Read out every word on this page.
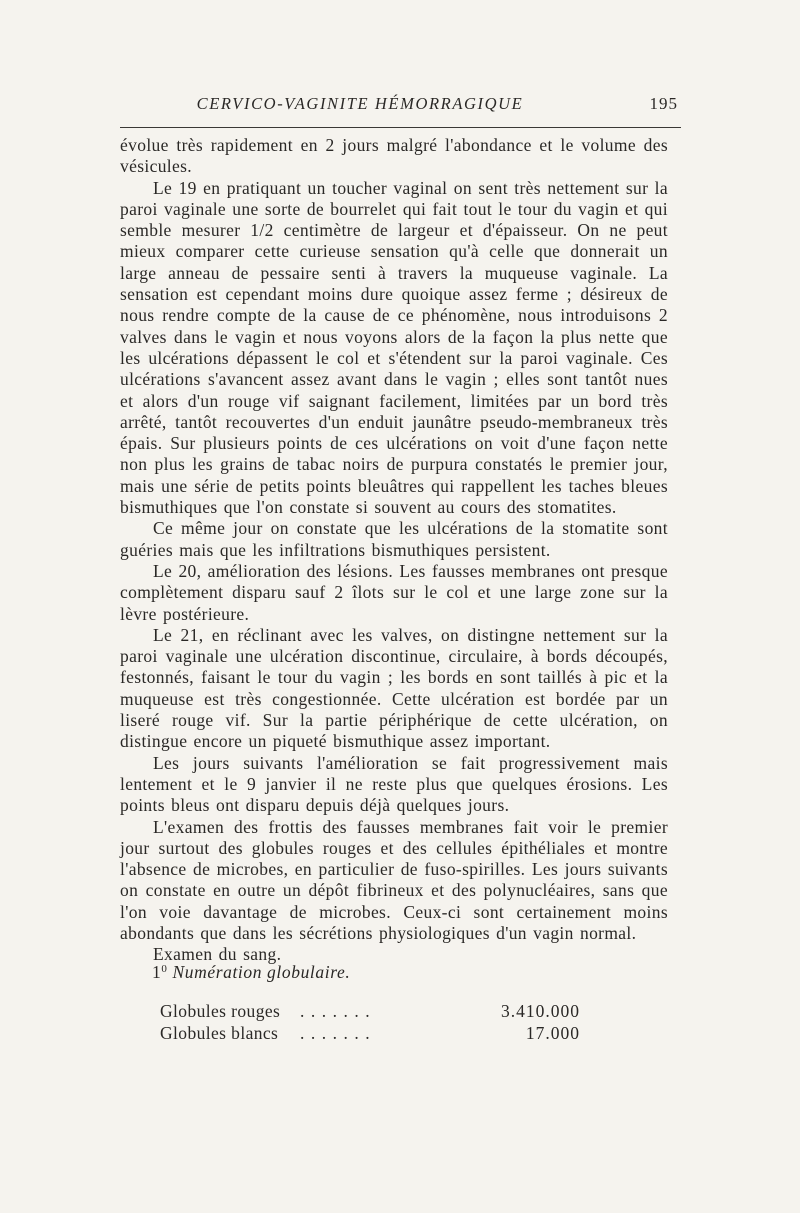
CERVICO-VAGINITE HÉMORRAGIQUE	195

évolue très rapidement en 2 jours malgré l'abondance et le volume des vésicules.

Le 19 en pratiquant un toucher vaginal on sent très nettement sur la paroi vaginale une sorte de bourrelet qui fait tout le tour du vagin et qui semble mesurer 1/2 centimètre de largeur et d'épaisseur. On ne peut mieux comparer cette curieuse sensation qu'à celle que donnerait un large anneau de pessaire senti à travers la muqueuse vaginale. La sensation est cependant moins dure quoique assez ferme ; désireux de nous rendre compte de la cause de ce phénomène, nous introduisons 2 valves dans le vagin et nous voyons alors de la façon la plus nette que les ulcérations dépassent le col et s'étendent sur la paroi vaginale. Ces ulcérations s'avancent assez avant dans le vagin ; elles sont tantôt nues et alors d'un rouge vif saignant facilement, limitées par un bord très arrêté, tantôt recouvertes d'un enduit jaunâtre pseudo-membraneux très épais. Sur plusieurs points de ces ulcérations on voit d'une façon nette non plus les grains de tabac noirs de purpura constatés le premier jour, mais une série de petits points bleuâtres qui rappellent les taches bleues bismuthiques que l'on constate si souvent au cours des stomatites.

Ce même jour on constate que les ulcérations de la stomatite sont guéries mais que les infiltrations bismuthiques persistent.

Le 20, amélioration des lésions. Les fausses membranes ont presque complètement disparu sauf 2 îlots sur le col et une large zone sur la lèvre postérieure.

Le 21, en réclinant avec les valves, on distingne nettement sur la paroi vaginale une ulcération discontinue, circulaire, à bords découpés, festonnés, faisant le tour du vagin ; les bords en sont taillés à pic et la muqueuse est très congestionnée. Cette ulcération est bordée par un liseré rouge vif. Sur la partie périphérique de cette ulcération, on distingue encore un piqueté bismuthique assez important.

Les jours suivants l'amélioration se fait progressivement mais lentement et le 9 janvier il ne reste plus que quelques érosions. Les points bleus ont disparu depuis déjà quelques jours.

L'examen des frottis des fausses membranes fait voir le premier jour surtout des globules rouges et des cellules épithéliales et montre l'absence de microbes, en particulier de fuso-spirilles. Les jours suivants on constate en outre un dépôt fibrineux et des polynucléaires, sans que l'on voie davantage de microbes. Ceux-ci sont certainement moins abondants que dans les sécrétions physiologiques d'un vagin normal.

Examen du sang.

$1^0$ Numération globulaire.
Globules rouges .......	3.410.000
Globules blancs .......	17.000
